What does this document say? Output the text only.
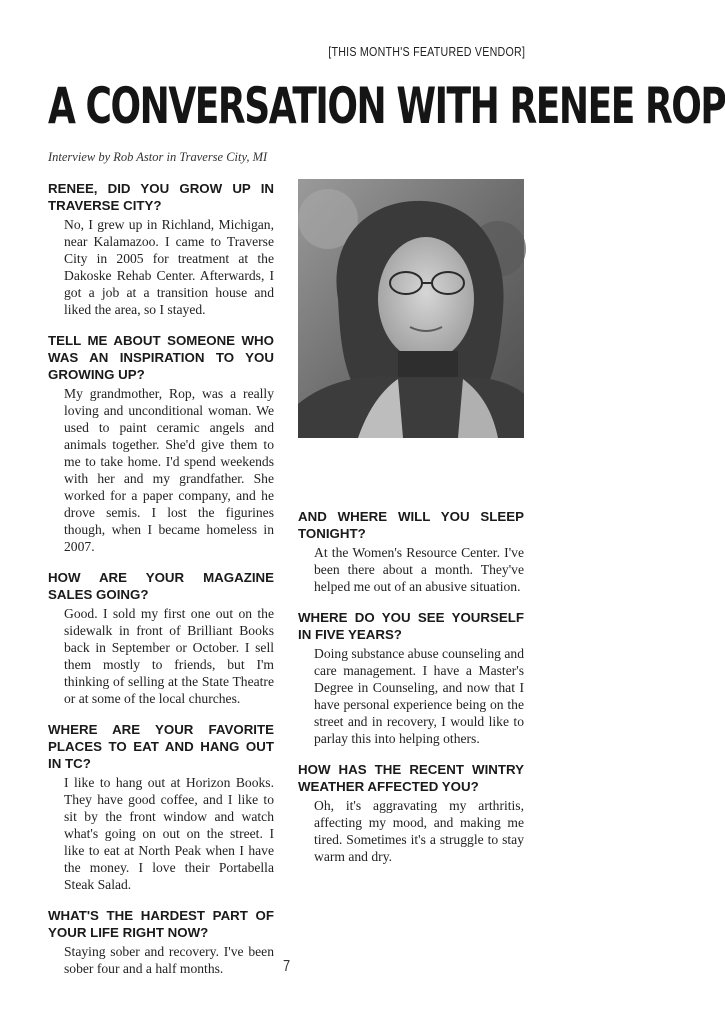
[THIS MONTH'S FEATURED VENDOR]
A CONVERSATION WITH RENEE ROP
Interview by Rob Astor in Traverse City, MI
RENEE, DID YOU GROW UP IN TRAVERSE CITY?
No, I grew up in Richland, Michigan, near Kalamazoo. I came to Traverse City in 2005 for treatment at the Dakoske Rehab Center. Afterwards, I got a job at a transition house and liked the area, so I stayed.
TELL ME ABOUT SOMEONE WHO WAS AN INSPIRATION TO YOU GROWING UP?
My grandmother, Rop, was a really loving and unconditional woman. We used to paint ceramic angels and animals together. She'd give them to me to take home. I'd spend weekends with her and my grandfather. She worked for a paper company, and he drove semis. I lost the figurines though, when I became homeless in 2007.
HOW ARE YOUR MAGAZINE SALES GOING?
Good. I sold my first one out on the sidewalk in front of Brilliant Books back in September or October. I sell them mostly to friends, but I'm thinking of selling at the State Theatre or at some of the local churches.
WHERE ARE YOUR FAVORITE PLACES TO EAT AND HANG OUT IN TC?
I like to hang out at Horizon Books. They have good coffee, and I like to sit by the front window and watch what's going on out on the street. I like to eat at North Peak when I have the money. I love their Portabella Steak Salad.
WHAT'S THE HARDEST PART OF YOUR LIFE RIGHT NOW?
Staying sober and recovery. I've been sober four and a half months.
AND WHERE WILL YOU SLEEP TONIGHT?
At the Women's Resource Center. I've been there about a month. They've helped me out of an abusive situation.
WHERE DO YOU SEE YOURSELF IN FIVE YEARS?
Doing substance abuse counseling and care management. I have a Master's Degree in Counseling, and now that I have personal experience being on the street and in recovery, I would like to parlay this into helping others.
HOW HAS THE RECENT WINTRY WEATHER AFFECTED YOU?
Oh, it's aggravating my arthritis, affecting my mood, and making me tired. Sometimes it's a struggle to stay warm and dry.
7
